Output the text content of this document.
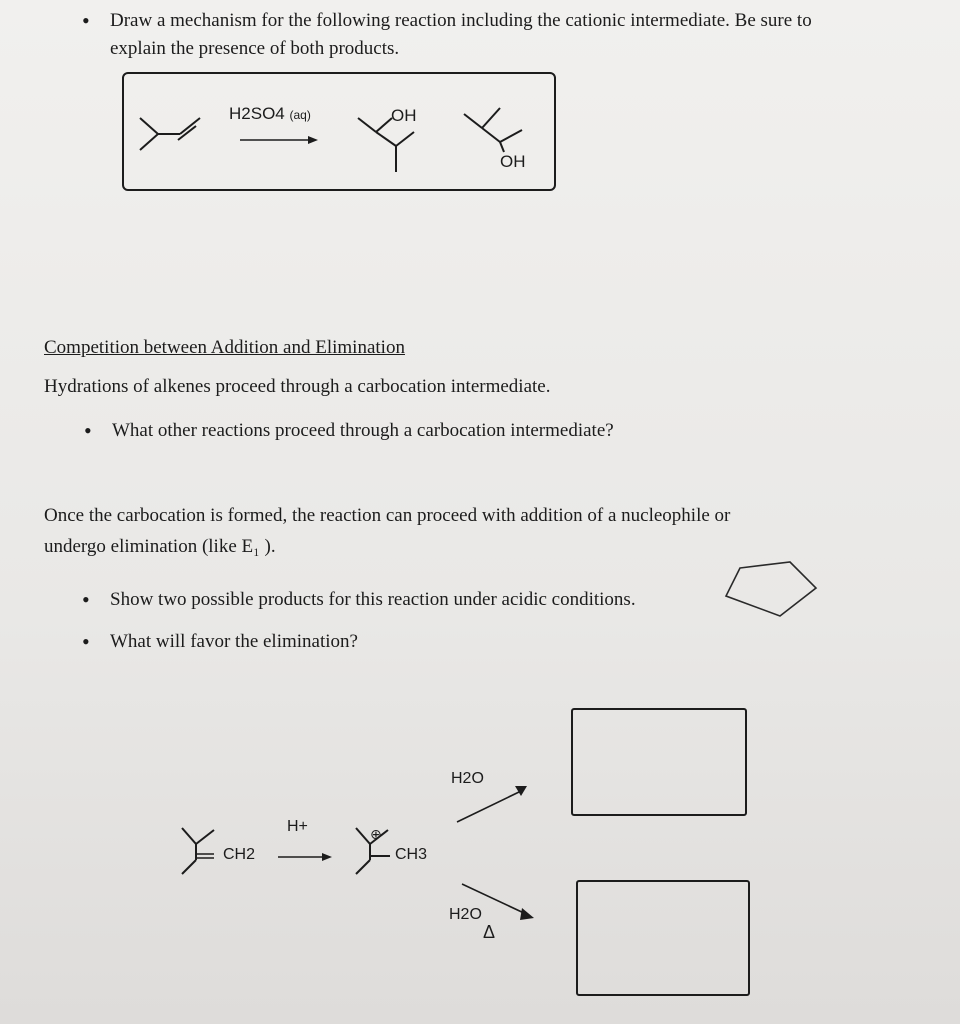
• Draw a mechanism for the following reaction including the cationic intermediate. Be sure to
explain the presence of both products.
H2SO4 (aq)	OH
OH
Competition between Addition and Elimination
Hydrations of alkenes proceed through a carbocation intermediate.
• What other reactions proceed through a carbocation intermediate?
Once the carbocation is formed, the reaction can proceed with addition of a nucleophile or
undergo elimination (like E₁ ).
• Show two possible products for this reaction under acidic conditions.
• What will favor the elimination?
CH2
H+	⊕
CH3
H2O
H2O
Δ
